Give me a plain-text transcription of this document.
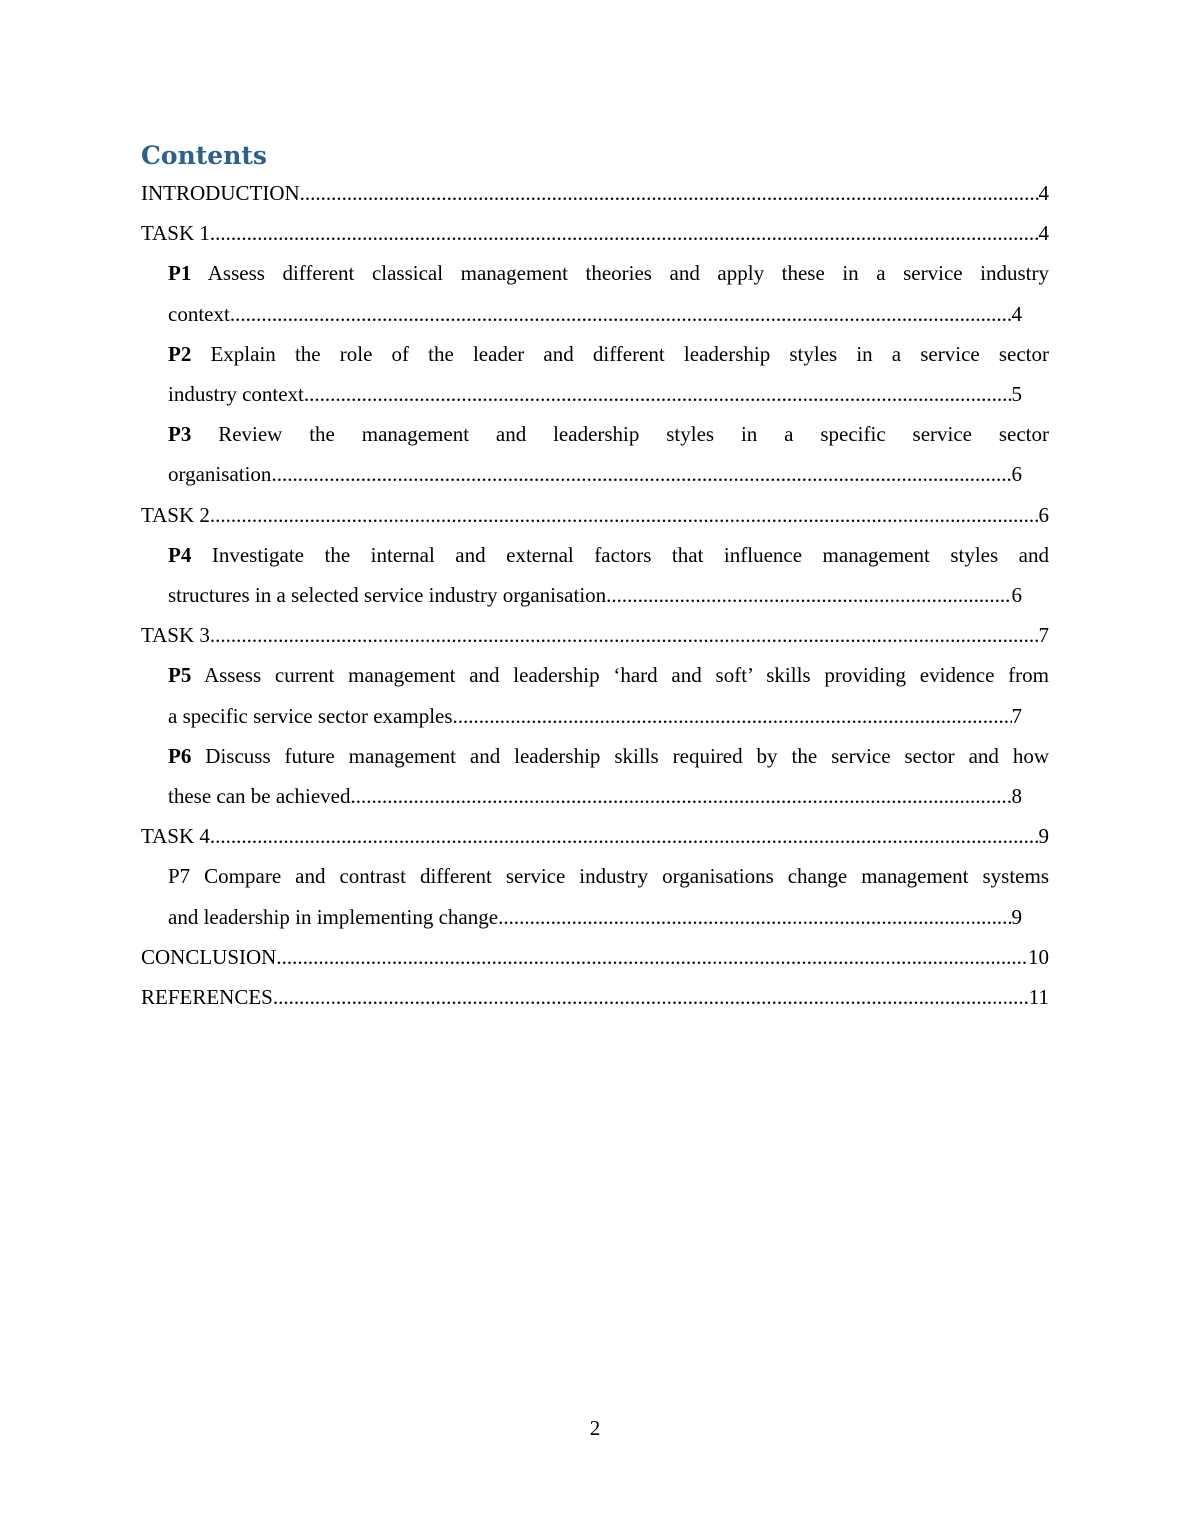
Contents
INTRODUCTION .....	4
TASK 1 .....	4
P1 Assess different classical management theories and apply these in a service industry
context .....	4
P2 Explain the role of the leader and different leadership styles in a service sector
industry context .....	5
P3 Review the management and leadership styles in a specific service sector
organisation .....	6
TASK 2 .....	6
P4 Investigate the internal and external factors that influence management styles and
structures in a selected service industry organisation .....	6
TASK 3 .....	7
P5 Assess current management and leadership ‘hard and soft’ skills providing evidence from
a specific service sector examples .....	7
P6 Discuss future management and leadership skills required by the service sector and how
these can be achieved .....	8
TASK 4 .....	9
P7 Compare and contrast different service industry organisations change management systems
and leadership in implementing change .....	9
CONCLUSION .....	10
REFERENCES .....	11
2
